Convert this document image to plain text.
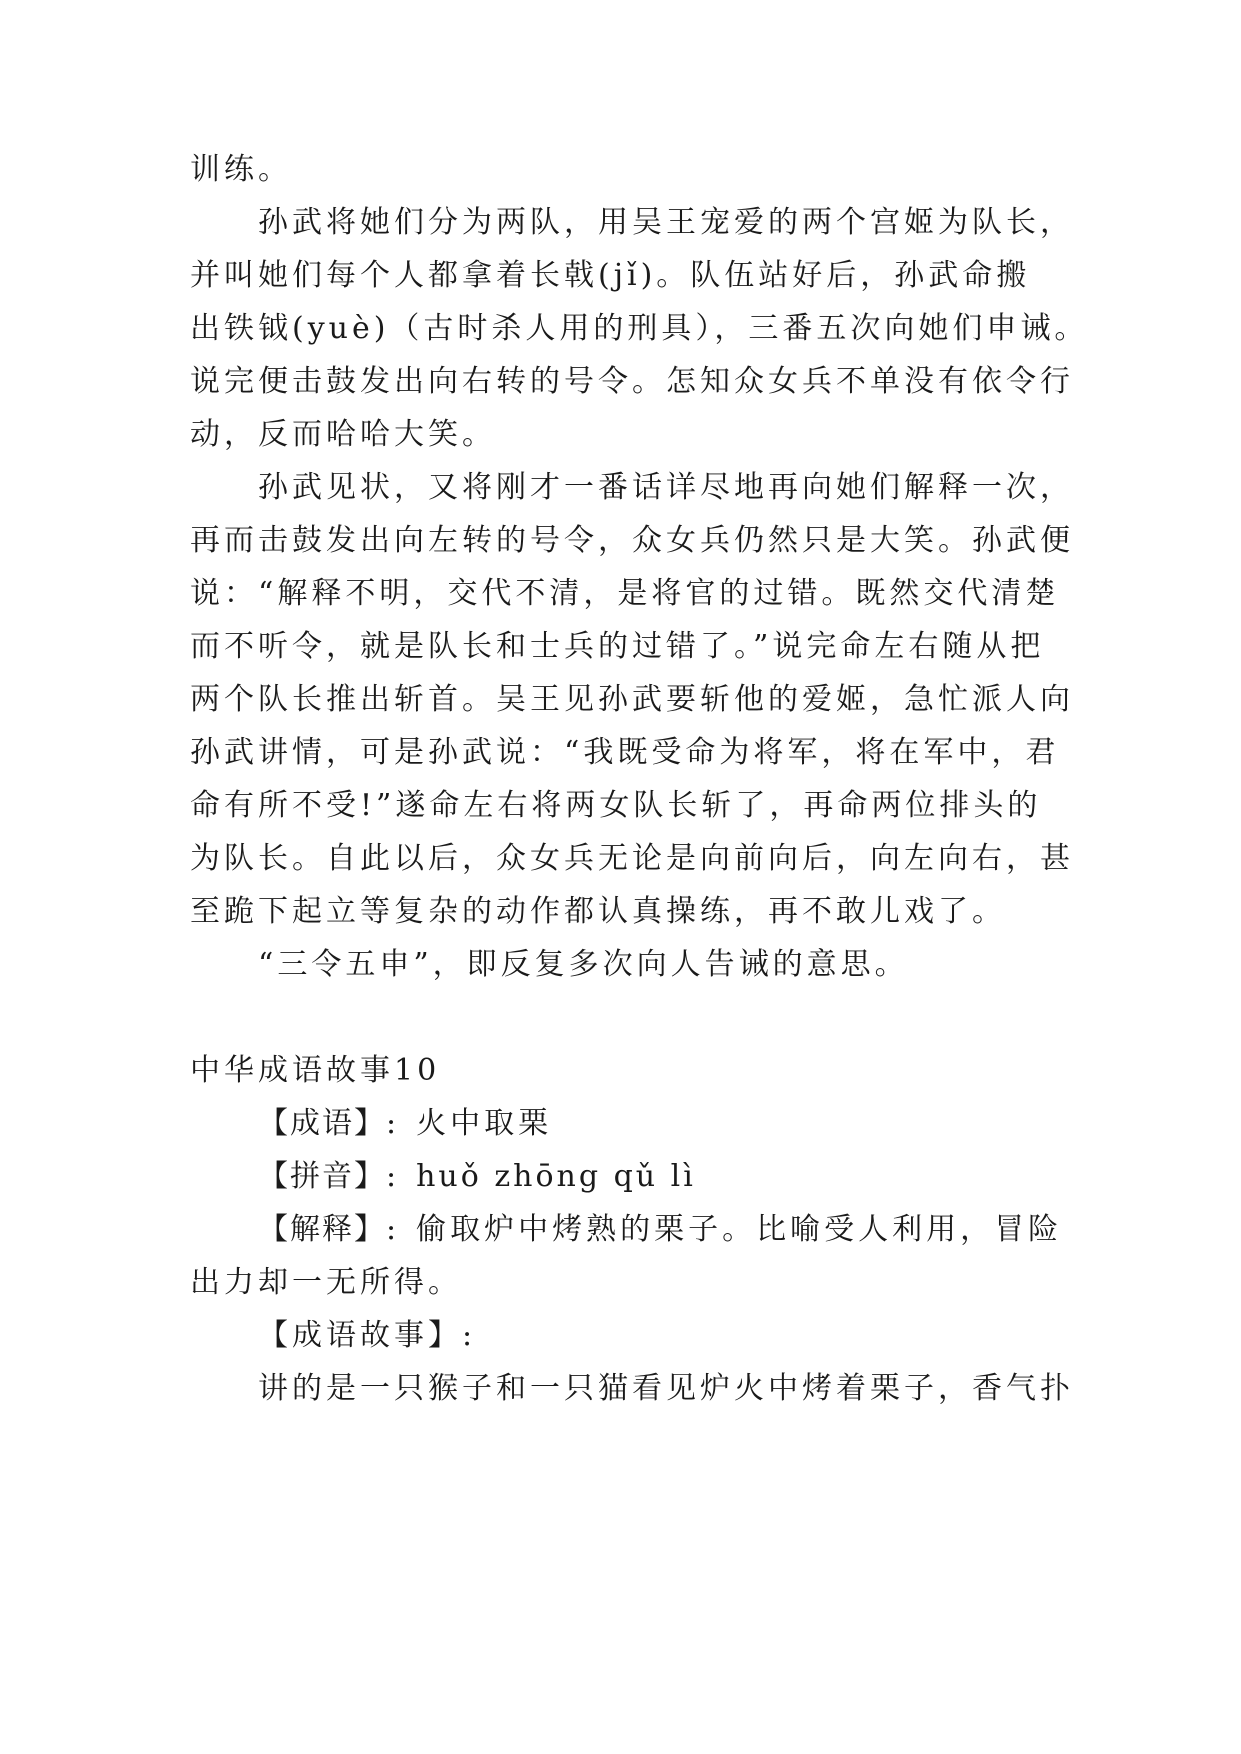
训练。
孙武将她们分为两队，用吴王宠爱的两个宫姬为队长，
并叫她们每个人都拿着长戟(jǐ)。队伍站好后，孙武命搬
出铁钺(yuè)（古时杀人用的刑具），三番五次向她们申诫。
说完便击鼓发出向右转的号令。怎知众女兵不单没有依令行
动，反而哈哈大笑。
孙武见状，又将刚才一番话详尽地再向她们解释一次，
再而击鼓发出向左转的号令，众女兵仍然只是大笑。孙武便
说：“解释不明，交代不清，是将官的过错。既然交代清楚
而不听令，就是队长和士兵的过错了。”说完命左右随从把
两个队长推出斩首。吴王见孙武要斩他的爱姬，急忙派人向
孙武讲情，可是孙武说：“我既受命为将军，将在军中，君
命有所不受!”遂命左右将两女队长斩了，再命两位排头的
为队长。自此以后，众女兵无论是向前向后，向左向右，甚
至跪下起立等复杂的动作都认真操练，再不敢儿戏了。
“三令五申”，即反复多次向人告诫的意思。
中华成语故事10
【成语】: 火中取栗
【拼音】: huǒ zhōng qǔ lì
【解释】: 偷取炉中烤熟的栗子。比喻受人利用，冒险
出力却一无所得。
【成语故事】:
讲的是一只猴子和一只猫看见炉火中烤着栗子，香气扑
